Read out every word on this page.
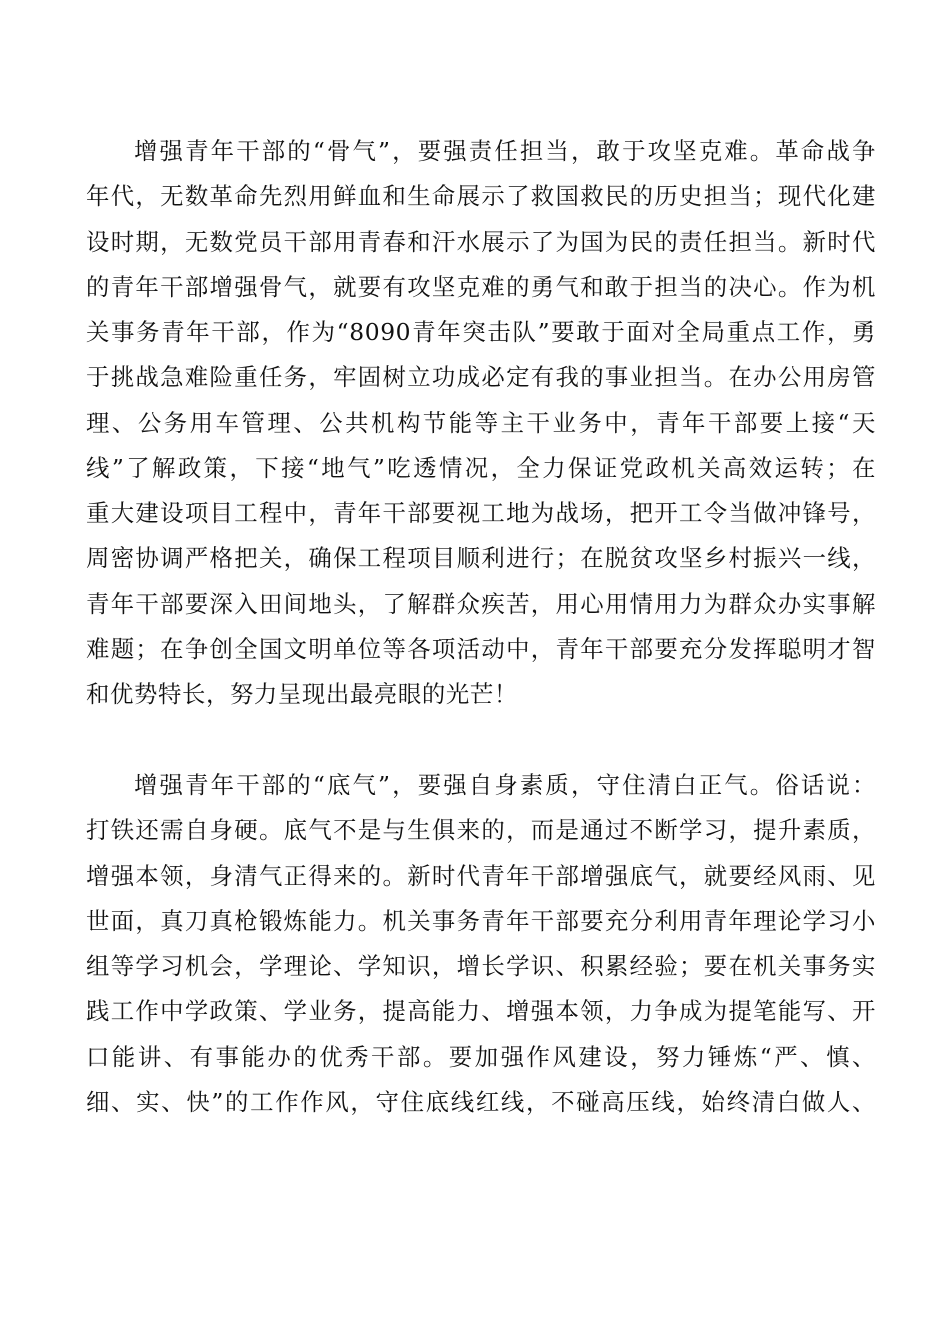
增强青年干部的“骨气”，要强责任担当，敢于攻坚克难。革命战争
年代，无数革命先烈用鲜血和生命展示了救国救民的历史担当；现代化建
设时期，无数党员干部用青春和汗水展示了为国为民的责任担当。新时代
的青年干部增强骨气，就要有攻坚克难的勇气和敢于担当的决心。作为机
关事务青年干部，作为“8090青年突击队”要敢于面对全局重点工作，勇
于挑战急难险重任务，牢固树立功成必定有我的事业担当。在办公用房管
理、公务用车管理、公共机构节能等主干业务中，青年干部要上接“天
线”了解政策，下接“地气”吃透情况，全力保证党政机关高效运转；在
重大建设项目工程中，青年干部要视工地为战场，把开工令当做冲锋号，
周密协调严格把关，确保工程项目顺利进行；在脱贫攻坚乡村振兴一线，
青年干部要深入田间地头，了解群众疾苦，用心用情用力为群众办实事解
难题；在争创全国文明单位等各项活动中，青年干部要充分发挥聪明才智
和优势特长，努力呈现出最亮眼的光芒！
增强青年干部的“底气”，要强自身素质，守住清白正气。俗话说：
打铁还需自身硬。底气不是与生俱来的，而是通过不断学习，提升素质，
增强本领，身清气正得来的。新时代青年干部增强底气，就要经风雨、见
世面，真刀真枪锻炼能力。机关事务青年干部要充分利用青年理论学习小
组等学习机会，学理论、学知识，增长学识、积累经验；要在机关事务实
践工作中学政策、学业务，提高能力、增强本领，力争成为提笔能写、开
口能讲、有事能办的优秀干部。要加强作风建设，努力锤炼“严、慎、
细、实、快”的工作作风，守住底线红线，不碰高压线，始终清白做人、
